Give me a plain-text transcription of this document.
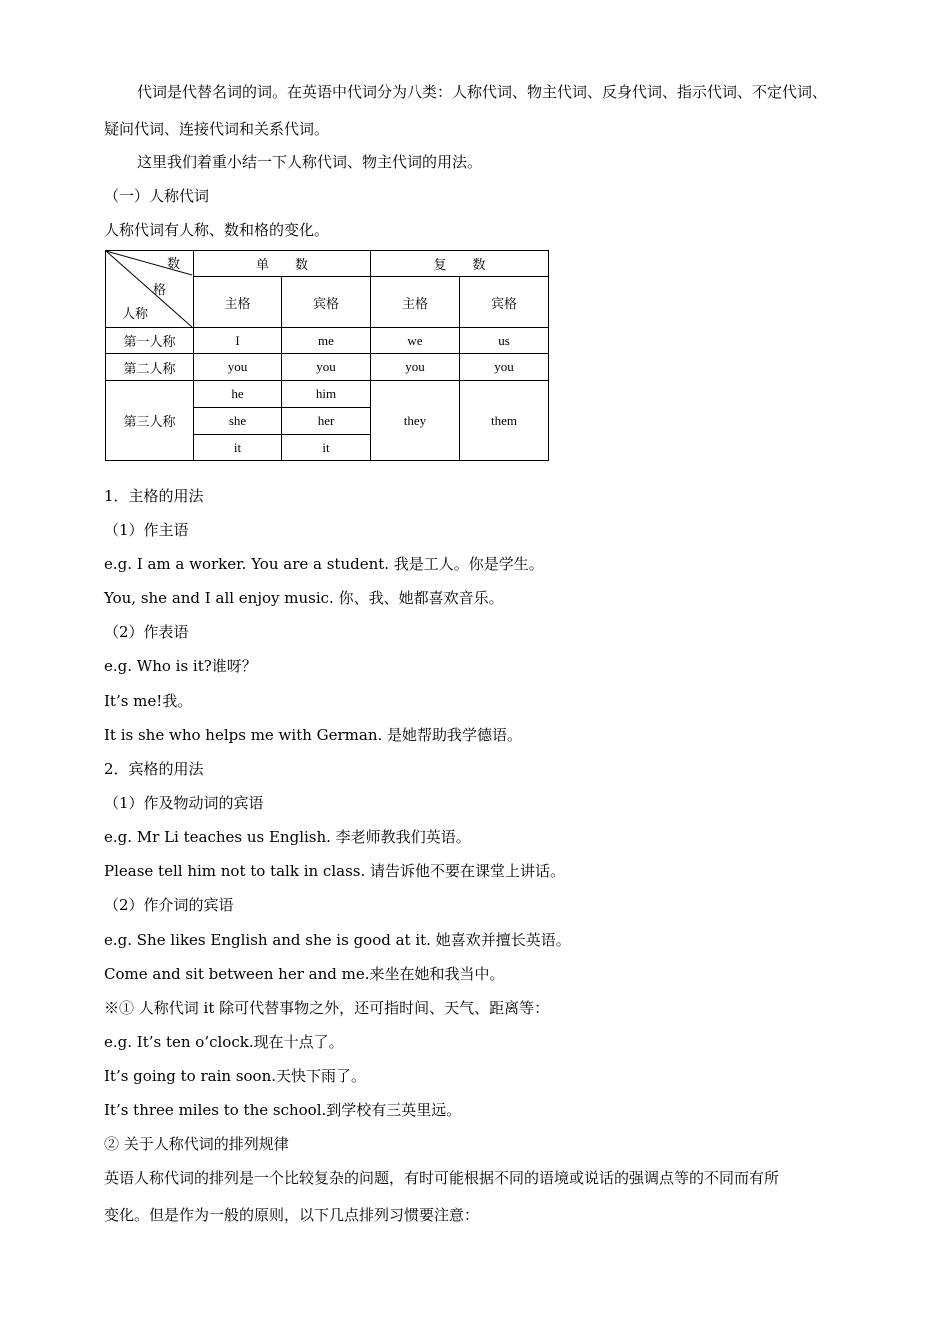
代词是代替名词的词。在英语中代词分为八类：人称代词、物主代词、反身代词、指示代词、不定代词、
疑问代词、连接代词和关系代词。
这里我们着重小结一下人称代词、物主代词的用法。
（一）人称代词
人称代词有人称、数和格的变化。
数
格
人称	单　　数		复　　数	
	主格	宾格	主格	宾格
第一人称	I	me	we	us
第二人称	you	you	you	you
第三人称	he	him	they	them
	she	her		
	it	it		
1．主格的用法
（1）作主语
e.g. I am a worker. You are a student. 我是工人。你是学生。
You, she and I all enjoy music. 你、我、她都喜欢音乐。
（2）作表语
e.g. Who is it?谁呀？
It’s me!我。
It is she who helps me with German. 是她帮助我学德语。
2．宾格的用法
（1）作及物动词的宾语
e.g. Mr Li teaches us English. 李老师教我们英语。
Please tell him not to talk in class. 请告诉他不要在课堂上讲话。
（2）作介词的宾语
e.g. She likes English and she is good at it. 她喜欢并擅长英语。
Come and sit between her and me.来坐在她和我当中。
※① 人称代词 it 除可代替事物之外，还可指时间、天气、距离等：
e.g. It’s ten o’clock.现在十点了。
It’s going to rain soon.天快下雨了。
It’s three miles to the school.到学校有三英里远。
② 关于人称代词的排列规律
英语人称代词的排列是一个比较复杂的问题，有时可能根据不同的语境或说话的强调点等的不同而有所
变化。但是作为一般的原则，以下几点排列习惯要注意：
